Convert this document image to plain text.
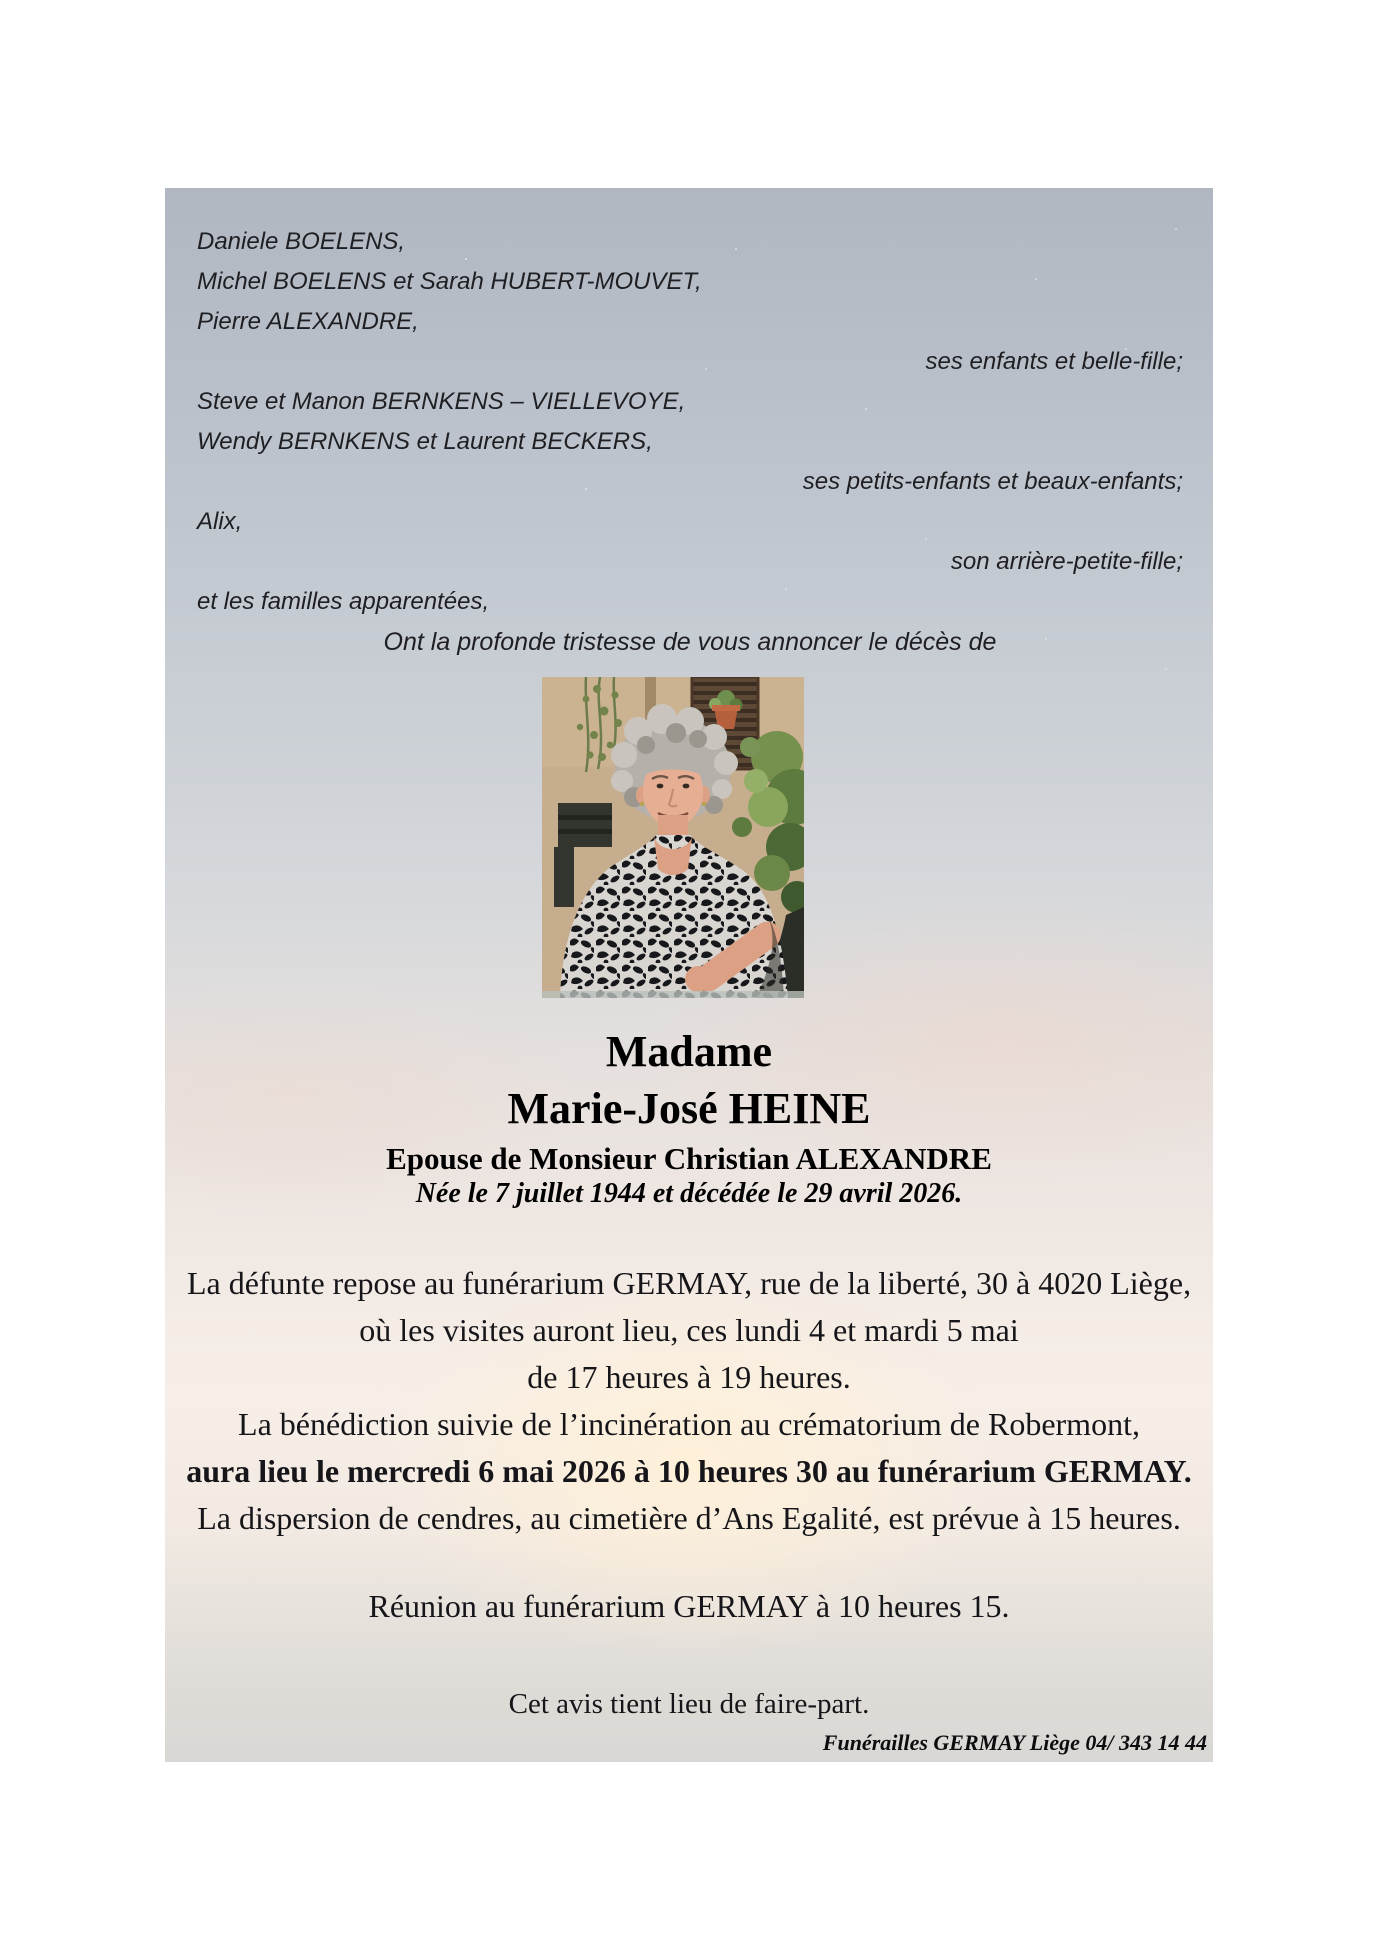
Daniele BOELENS,
Michel BOELENS et Sarah HUBERT-MOUVET,
Pierre ALEXANDRE,
ses enfants et belle-fille;
Steve et Manon BERNKENS – VIELLEVOYE,
Wendy BERNKENS et Laurent BECKERS,
ses petits-enfants et beaux-enfants;
Alix,
son arrière-petite-fille;
et les familles apparentées,
Ont la profonde tristesse de vous annoncer le décès de
Madame
Marie-José HEINE
Epouse de Monsieur Christian ALEXANDRE
Née le 7 juillet 1944 et décédée le 29 avril 2026.
La défunte repose au funérarium GERMAY, rue de la liberté, 30 à 4020 Liège,
où les visites auront lieu, ces lundi 4 et mardi 5 mai
de 17 heures à 19 heures.
La bénédiction suivie de l’incinération au crématorium de Robermont,
aura lieu le mercredi 6 mai 2026 à 10 heures 30 au funérarium GERMAY.
La dispersion de cendres, au cimetière d’Ans Egalité, est prévue à 15 heures.
Réunion au funérarium GERMAY à 10 heures 15.
Cet avis tient lieu de faire-part.
Funérailles GERMAY Liège 04/ 343 14 44
